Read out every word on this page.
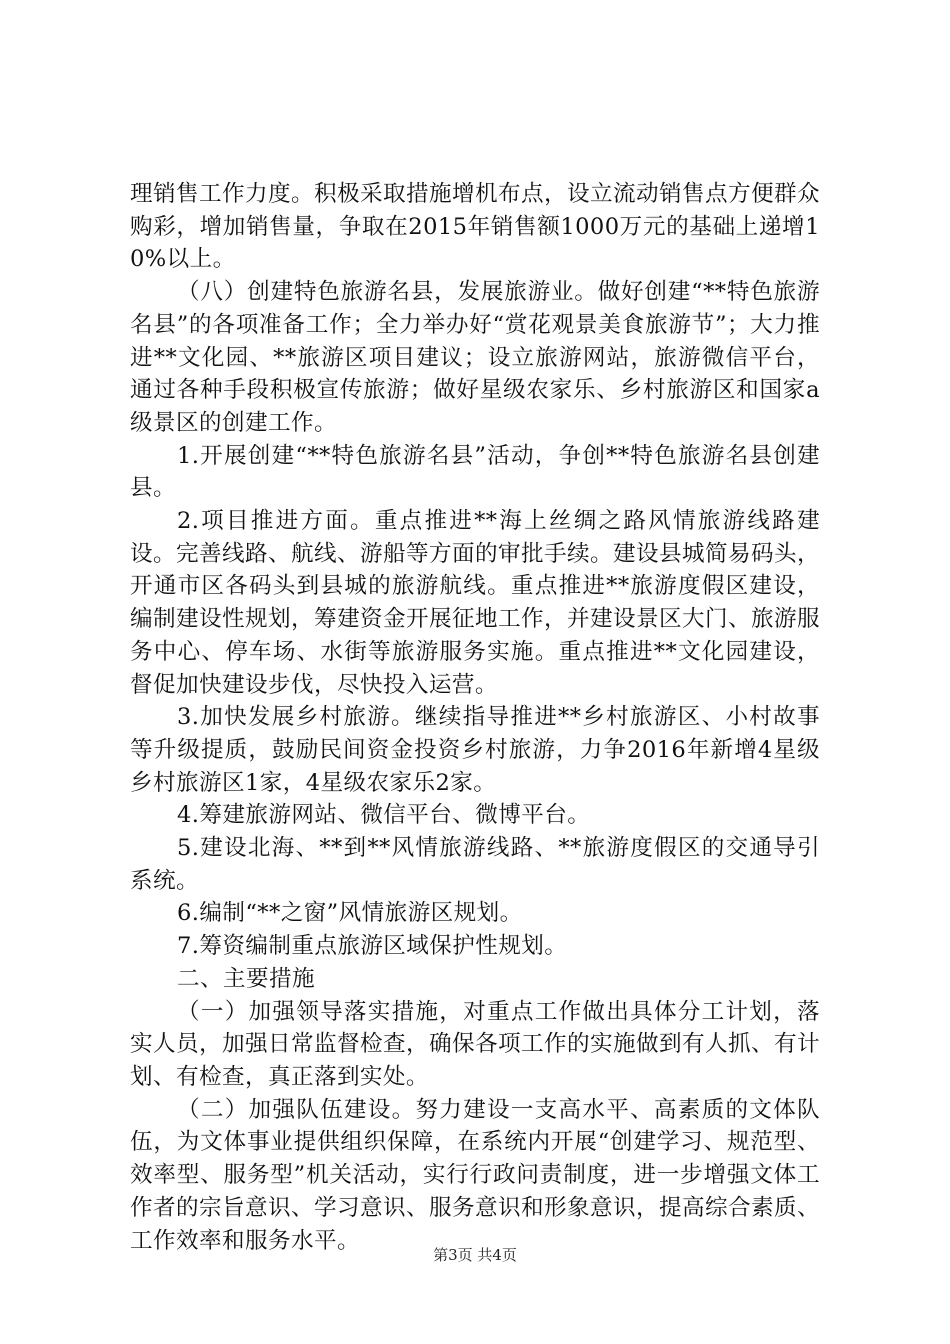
理销售工作力度。积极采取措施增机布点，设立流动销售点方便群众购彩，增加销售量，争取在2015年销售额1000万元的基础上递增10%以上。

（八）创建特色旅游名县，发展旅游业。做好创建“**特色旅游名县”的各项准备工作；全力举办好“赏花观景美食旅游节”；大力推进**文化园、**旅游区项目建议；设立旅游网站，旅游微信平台，通过各种手段积极宣传旅游；做好星级农家乐、乡村旅游区和国家a级景区的创建工作。

1.开展创建“**特色旅游名县”活动，争创**特色旅游名县创建县。

2.项目推进方面。重点推进**海上丝绸之路风情旅游线路建设。完善线路、航线、游船等方面的审批手续。建设县城简易码头，开通市区各码头到县城的旅游航线。重点推进**旅游度假区建设，编制建设性规划，筹建资金开展征地工作，并建设景区大门、旅游服务中心、停车场、水街等旅游服务实施。重点推进**文化园建设，督促加快建设步伐，尽快投入运营。

3.加快发展乡村旅游。继续指导推进**乡村旅游区、小村故事等升级提质，鼓励民间资金投资乡村旅游，力争2016年新增4星级乡村旅游区1家，4星级农家乐2家。

4.筹建旅游网站、微信平台、微博平台。

5.建设北海、**到**风情旅游线路、**旅游度假区的交通导引系统。

6.编制“**之窗”风情旅游区规划。

7.筹资编制重点旅游区域保护性规划。

二、主要措施

（一）加强领导落实措施，对重点工作做出具体分工计划，落实人员，加强日常监督检查，确保各项工作的实施做到有人抓、有计划、有检查，真正落到实处。

（二）加强队伍建设。努力建设一支高水平、高素质的文体队伍，为文体事业提供组织保障，在系统内开展“创建学习、规范型、效率型、服务型”机关活动，实行行政问责制度，进一步增强文体工作者的宗旨意识、学习意识、服务意识和形象意识，提高综合素质、工作效率和服务水平。

第3页 共4页
